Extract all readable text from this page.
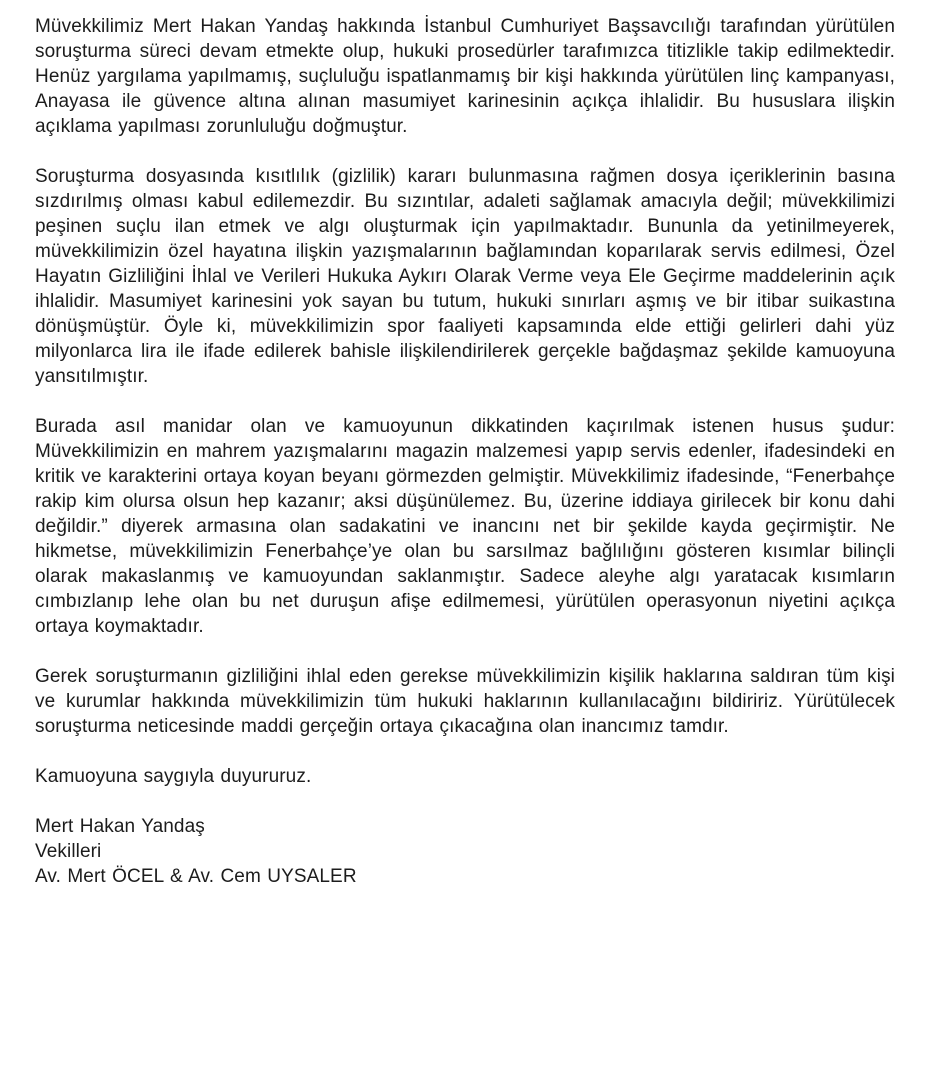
Müvekkilimiz Mert Hakan Yandaş hakkında İstanbul Cumhuriyet Başsavcılığı tarafından yürütülen soruşturma süreci devam etmekte olup, hukuki prosedürler tarafımızca titizlikle takip edilmektedir. Henüz yargılama yapılmamış, suçluluğu ispatlanmamış bir kişi hakkında yürütülen linç kampanyası, Anayasa ile güvence altına alınan masumiyet karinesinin açıkça ihlalidir. Bu hususlara ilişkin açıklama yapılması zorunluluğu doğmuştur.

Soruşturma dosyasında kısıtlılık (gizlilik) kararı bulunmasına rağmen dosya içeriklerinin basına sızdırılmış olması kabul edilemezdir. Bu sızıntılar, adaleti sağlamak amacıyla değil; müvekkilimizi peşinen suçlu ilan etmek ve algı oluşturmak için yapılmaktadır. Bununla da yetinilmeyerek, müvekkilimizin özel hayatına ilişkin yazışmalarının bağlamından koparılarak servis edilmesi, Özel Hayatın Gizliliğini İhlal ve Verileri Hukuka Aykırı Olarak Verme veya Ele Geçirme maddelerinin açık ihlalidir. Masumiyet karinesini yok sayan bu tutum, hukuki sınırları aşmış ve bir itibar suikastına dönüşmüştür. Öyle ki, müvekkilimizin spor faaliyeti kapsamında elde ettiği gelirleri dahi yüz milyonlarca lira ile ifade edilerek bahisle ilişkilendirilerek gerçekle bağdaşmaz şekilde kamuoyuna yansıtılmıştır.

Burada asıl manidar olan ve kamuoyunun dikkatinden kaçırılmak istenen husus şudur: Müvekkilimizin en mahrem yazışmalarını magazin malzemesi yapıp servis edenler, ifadesindeki en kritik ve karakterini ortaya koyan beyanı görmezden gelmiştir. Müvekkilimiz ifadesinde, “Fenerbahçe rakip kim olursa olsun hep kazanır; aksi düşünülemez. Bu, üzerine iddiaya girilecek bir konu dahi değildir.” diyerek armasına olan sadakatini ve inancını net bir şekilde kayda geçirmiştir. Ne hikmetse, müvekkilimizin Fenerbahçe’ye olan bu sarsılmaz bağlılığını gösteren kısımlar bilinçli olarak makaslanmış ve kamuoyundan saklanmıştır. Sadece aleyhe algı yaratacak kısımların cımbızlanıp lehe olan bu net duruşun afişe edilmemesi, yürütülen operasyonun niyetini açıkça ortaya koymaktadır.

Gerek soruşturmanın gizliliğini ihlal eden gerekse müvekkilimizin kişilik haklarına saldıran tüm kişi ve kurumlar hakkında müvekkilimizin tüm hukuki haklarının kullanılacağını bildiririz. Yürütülecek soruşturma neticesinde maddi gerçeğin ortaya çıkacağına olan inancımız tamdır.

Kamuoyuna saygıyla duyururuz.

Mert Hakan Yandaş

Vekilleri

Av. Mert ÖCEL & Av. Cem UYSALER
